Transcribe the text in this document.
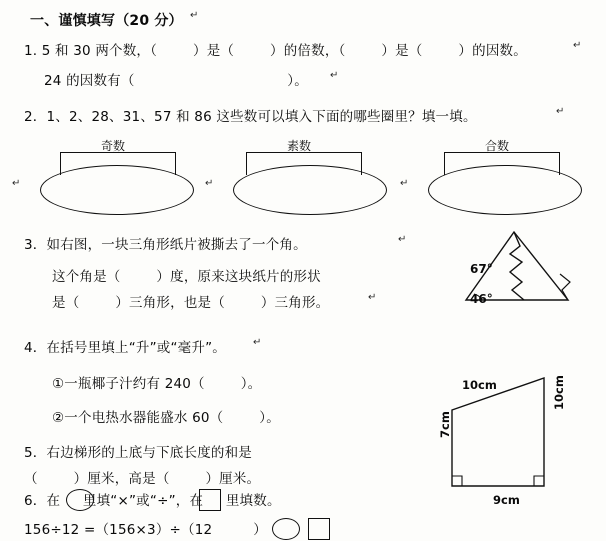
一、谨慎填写（20 分） ↵
1. 5 和 30 两个数，（        ）是（        ）的倍数，（        ）是（        ）的因数。	↵
24 的因数有（                                  ）。 ↵
2．1、2、28、31、57 和 86 这些数可以填入下面的哪些圈里？填一填。	↵
奇数	素数	合数
↵	↵	↵
3．如右图，一块三角形纸片被撕去了一个角。	↵
这个角是（        ）度，原来这块纸片的形状
是（        ）三角形，也是（        ）三角形。	↵
67°
46°
4．在括号里填上“升”或“毫升”。	↵
①一瓶椰子汁约有 240（        ）。
②一个电热水器能盛水 60（        ）。
5．右边梯形的上底与下底长度的和是
（        ）厘米，高是（        ）厘米。
10cm	10cm
7cm
9cm
6．在 　 里填“×”或“÷”，在 　 里填数。
156÷12 =（156×3）÷（12 　 　 ）
